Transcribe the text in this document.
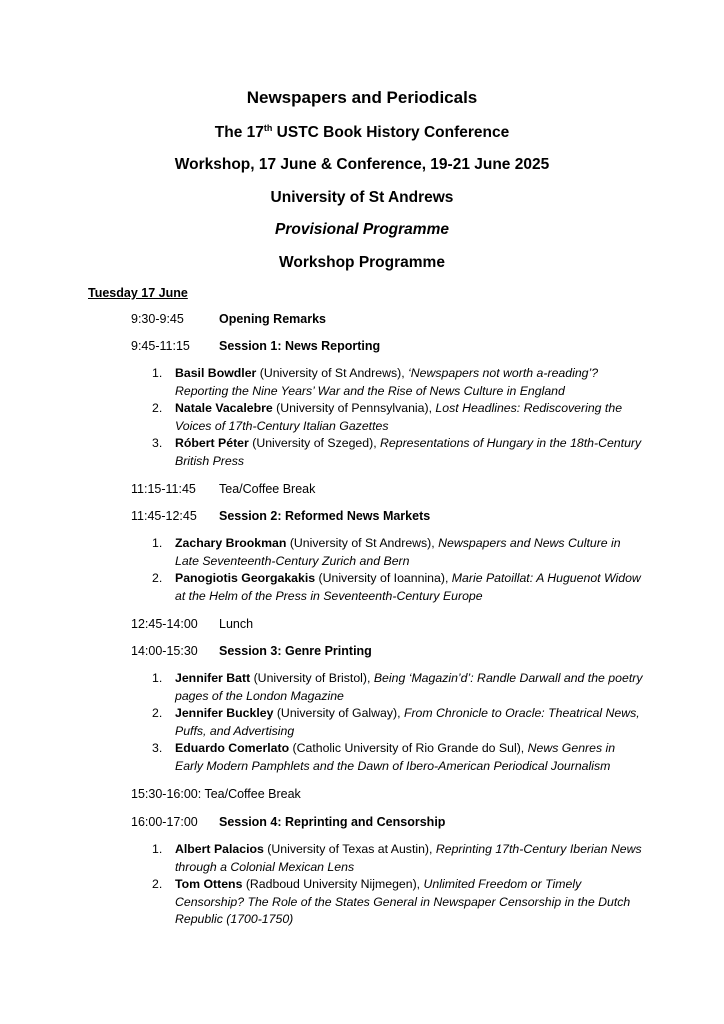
Newspapers and Periodicals
The 17th USTC Book History Conference
Workshop, 17 June & Conference, 19-21 June 2025
University of St Andrews
Provisional Programme
Workshop Programme
Tuesday 17 June
9:30-9:45	Opening Remarks
9:45-11:15 Session 1: News Reporting
1. Basil Bowdler (University of St Andrews), ‘Newspapers not worth a-reading’? Reporting the Nine Years’ War and the Rise of News Culture in England
2. Natale Vacalebre (University of Pennsylvania), Lost Headlines: Rediscovering the Voices of 17th-Century Italian Gazettes
3. Róbert Péter (University of Szeged), Representations of Hungary in the 18th-Century British Press
11:15-11:45 Tea/Coffee Break
11:45-12:45 Session 2: Reformed News Markets
1. Zachary Brookman (University of St Andrews), Newspapers and News Culture in Late Seventeenth-Century Zurich and Bern
2. Panogiotis Georgakakis (University of Ioannina), Marie Patoillat: A Huguenot Widow at the Helm of the Press in Seventeenth-Century Europe
12:45-14:00 Lunch
14:00-15:30 Session 3: Genre Printing
1. Jennifer Batt (University of Bristol), Being ‘Magazin’d’: Randle Darwall and the poetry pages of the London Magazine
2. Jennifer Buckley (University of Galway), From Chronicle to Oracle: Theatrical News, Puffs, and Advertising
3. Eduardo Comerlato (Catholic University of Rio Grande do Sul), News Genres in Early Modern Pamphlets and the Dawn of Ibero-American Periodical Journalism
15:30-16:00: Tea/Coffee Break
16:00-17:00 Session 4: Reprinting and Censorship
1. Albert Palacios (University of Texas at Austin), Reprinting 17th-Century Iberian News through a Colonial Mexican Lens
2. Tom Ottens (Radboud University Nijmegen), Unlimited Freedom or Timely Censorship? The Role of the States General in Newspaper Censorship in the Dutch Republic (1700-1750)
